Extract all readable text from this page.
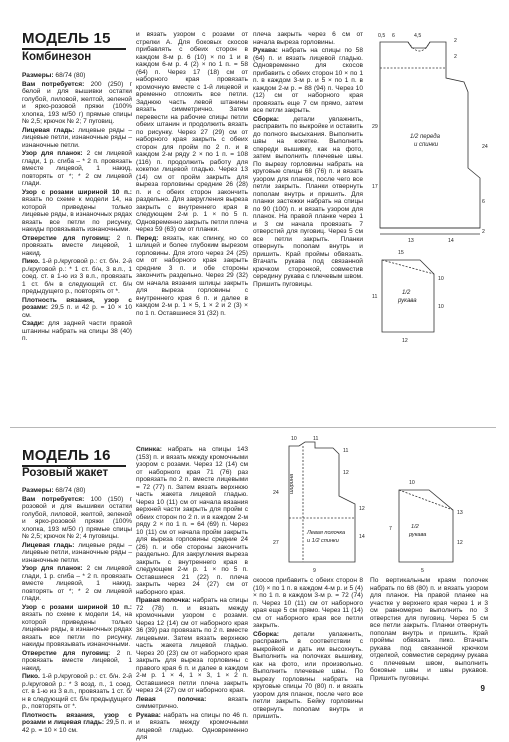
МОДЕЛЬ 15
Комбинезон

Размеры: 68/74 (80)

Вам потребуется: 200 (250) г белой и для вышивки остатки голубой, лиловой, желтой, зеленой и ярко-розовой пряжи (100% хлопка, 193 м/50 г) прямые спицы № 2,5; крючок № 2; 7 пуговиц.

Лицевая гладь: лицевые ряды – лицевые петли, изнаночные ряды – изнаночные петли.

Узор для планок: 2 см лицевой глади, 1 р. сгиба – * 2 п. провязать вместе лицевой, 1 накид, повторять от *; * 2 см лицевой глади.

Узор с розами шириной 10 п.: вязать по схеме к модели 14, на которой приведены только лицевые ряды, в изнаночных рядах вязать все петли по рисунку, накиды провязывать изнаночными.

Отверстие для пуговиц: 2 п. провязать вместе лицевой, 1 накид.

Пико. 1-й р./круговой р.: ст. б/н. 2-й р./круговой р.: * 1 ст. б/н, 3 в.п., 1 соед. ст. в 1-ю из 3 в.п., провязать 1 ст. б/н в следующий ст. б/н предыдущего р., повторять от *.

Плотность вязания, узор с розами: 29,5 п. и 42 р. = 10 × 10 см.

Сзади: для задней части правой штанины набрать на спицы 38 (40) п.

и вязать узором с розами от стрелки А. Для боковых скосов прибавлять с обеих сторон в каждом 8-м р. 6 (10) × по 1 и в каждом 6-м р. 4 (2) × по 1 п. = 58 (64) п. Через 17 (18) см от наборного края провязать кромочную вместе с 1-й лицевой и временно отложить все петли. Заднюю часть левой штанины вязать симметрично. Затем перевести на рабочие спицы петли обеих штанин и продолжить вязать по рисунку. Через 27 (29) см от наборного края закрыть с обеих сторон для пройм по 2 п. и в каждом 2-м ряду 2 × по 1 п. = 108 (116) п. продолжить работу для кокетки лицевой гладью. Через 13 (14) см от пройм закрыть для выреза горловины средние 26 (28) п. и с обеих сторон закончить раздельно. Для закругления выреза закрыть с внутреннего края в следующем 2-м р. 1 × по 5 п. Одновременно закрыть петли плеча через 59 (63) см от планки.

Перед: вязать, как спинку, но со шлицей и более глубоким вырезом горловины. Для этого через 24 (25) см от наборного края закрыть средние 3 п. и обе стороны закончить раздельно. Через 29 (32) см начала вязания шлицы закрыть для выреза горловины с внутреннего края 6 п. и далее в каждом 2-м р. 1 × 5, 1 × 2 и 2 (3) × по 1 п. Оставшиеся 31 (32) п.

плеча закрыть через 6 см от начала выреза горловины.

Рукава: набрать на спицы по 58 (64) п. и вязать лицевой гладью. Одновременно для скосов прибавить с обеих сторон 10 × по 1 п. в каждом 3-м р. и 5 × по 1 п. в каждом 2-м р. = 88 (94) п. Через 10 (12) см от наборного края провязать еще 7 см прямо, затем все петли закрыть.

Сборка: детали увлажнить, расправить по выкройке и оставить до полного высыхания. Выполнить швы на кокетке. Выполнить спереди вышивку, как на фото, затем выполнить плечевые швы. По вырезу горловины набрать на круговые спицы 68 (76) п. и вязать узором для планок, после чего все петли закрыть. Планки отвернуть пополам внутрь и пришить. Для планки застежки набрать на спицы по 90 (100) п. и вязать узором для планок. На правой планке через 1 и 3 см начала провязать 7 отверстий для пуговиц. Через 5 см все петли закрыть. Планки отвернуть пополам внутрь и пришить. Край проймы обвязать. Втачать рукава под связанной крючком сторонкой, совместив середину рукава с плечевым швом. Пришить пуговицы.

0,5 6	4,5
2
2
29
17
24
6
2
13	14
15
10
10
11
12
1/2 переда
и спинки
1/2
рукава
МОДЕЛЬ 16
Розовый жакет

Размеры: 68/74 (80)

Вам потребуется: 100 (150) г розовой и для вышивки остатки голубой, лиловой, желтой, зеленой и ярко-розовой пряжи (100% хлопка, 193 м/50 г) прямые спицы № 2,5; крючок № 2; 4 пуговицы.

Лицевая гладь: лицевые ряды – лицевые петли, изнаночные ряды – изнаночные петли.

Узор для планок: 2 см лицевой глади, 1 р. сгиба – * 2 п. провязать вместе лицевой, 1 накид, повторять от *; * 2 см лицевой глади.

Узор с розами шириной 10 п.: вязать по схеме к модели 14, на которой приведены только лицевые ряды, в изнаночных рядах вязать все петли по рисунку, накиды провязывать изнаночными.

Отверстие для пуговиц: 2 п. провязать вместе лицевой, 1 накид.

Пико. 1-й р./круговой р.: ст. б/н. 2-й р./круговой р.: * 3 возд. п., 1 соед. ст. в 1-ю из 3 в.п., провязать 1 ст. б/н в следующий ст. б/н предыдущего р., повторять от *.

Плотность вязания, узор с розами и лицевая гладь: 29,5 п. и 42 р. = 10 × 10 см.

Спинка: набрать на спицы 143 (153) п. и вязать между кромочными узором с розами. Через 12 (14) см от наборного края 71 (76) раз провязать по 2 п. вместе лицевыми = 72 (77) п. Затем вязать верхнюю часть жакета лицевой гладью. Через 10 (11) см от начала вязания верхней части закрыть для пройм с обеих сторон по 2 п. и в каждом 2-м ряду 2 × по 1 п. = 64 (69) п. Через 10 (11) см от начала пройм закрыть для выреза горловины средние 24 (26) п. и обе стороны закончить раздельно. Для закругления выреза закрыть с внутреннего края в следующем 2-м р. 1 × по 5 п. Оставшиеся 21 (22) п. плеча закрыть через 24 (27) см от наборного края.

Правая полочка: набрать на спицы 72 (78) п. и вязать между кромочными узором с розами. Через 12 (14) см от наборного края 36 (39) раз провязать по 2 п. вместе лицевыми. Затем вязать верхнюю часть жакета лицевой гладью. Через 20 (23) см от наборного края закрыть для выреза горловины с правого края 6 п. и далее в каждом 2-м р. 1 × 4, 1 × 3, 1 × 2 п. Оставшиеся петли плеча закрыть через 24 (27) см от наборного края.

Левая полочка: вязать симметрично.

Рукава: набрать на спицы по 46 п. и вязать между кромочными лицевой гладью. Одновременно для

скосов прибавить с обеих сторон 8 (10) × по 1 п. в каждом 4-м р. и 5 (4) × по 1 п. в каждом 3-м р. = 72 (74) п. Через 10 (11) см от наборного края еще 5 см прямо. Через 11 (14) см от наборного края все петли закрыть.

Сборка: детали увлажнить, расправить в соответствии с выкройкой и дать им высохнуть. Выполнить на полочках вышивку, как на фото, или произвольно. Выполнить плечевые швы. По вырезу горловины набрать на круговые спицы 70 (80) п. и вязать узором для планок, после чего все петли закрыть. Бейку горловины отвернуть пополам внутрь и пришить.

По вертикальным краям полочек набрать по 68 (80) п. и вязать узором для планок. На правой планке на участке у верхнего края через 1 и 3 см равномерно выполнить по 3 отверстия для пуговиц. Через 5 см все петли закрыть. Планки отвернуть пополам внутрь и пришить. Край проймы обвязать пико. Втачать рукава под связанной крючком отделкой, совместив середину рукава с плечевым швом, выполнить боковые швы и швы рукавов. Пришить пуговицы.

10	11
11
12
12
14
24
27
9
10
13
12
7
5
Левая полочка
и 1/2 спинки
1/2
рукава
ширина
9
